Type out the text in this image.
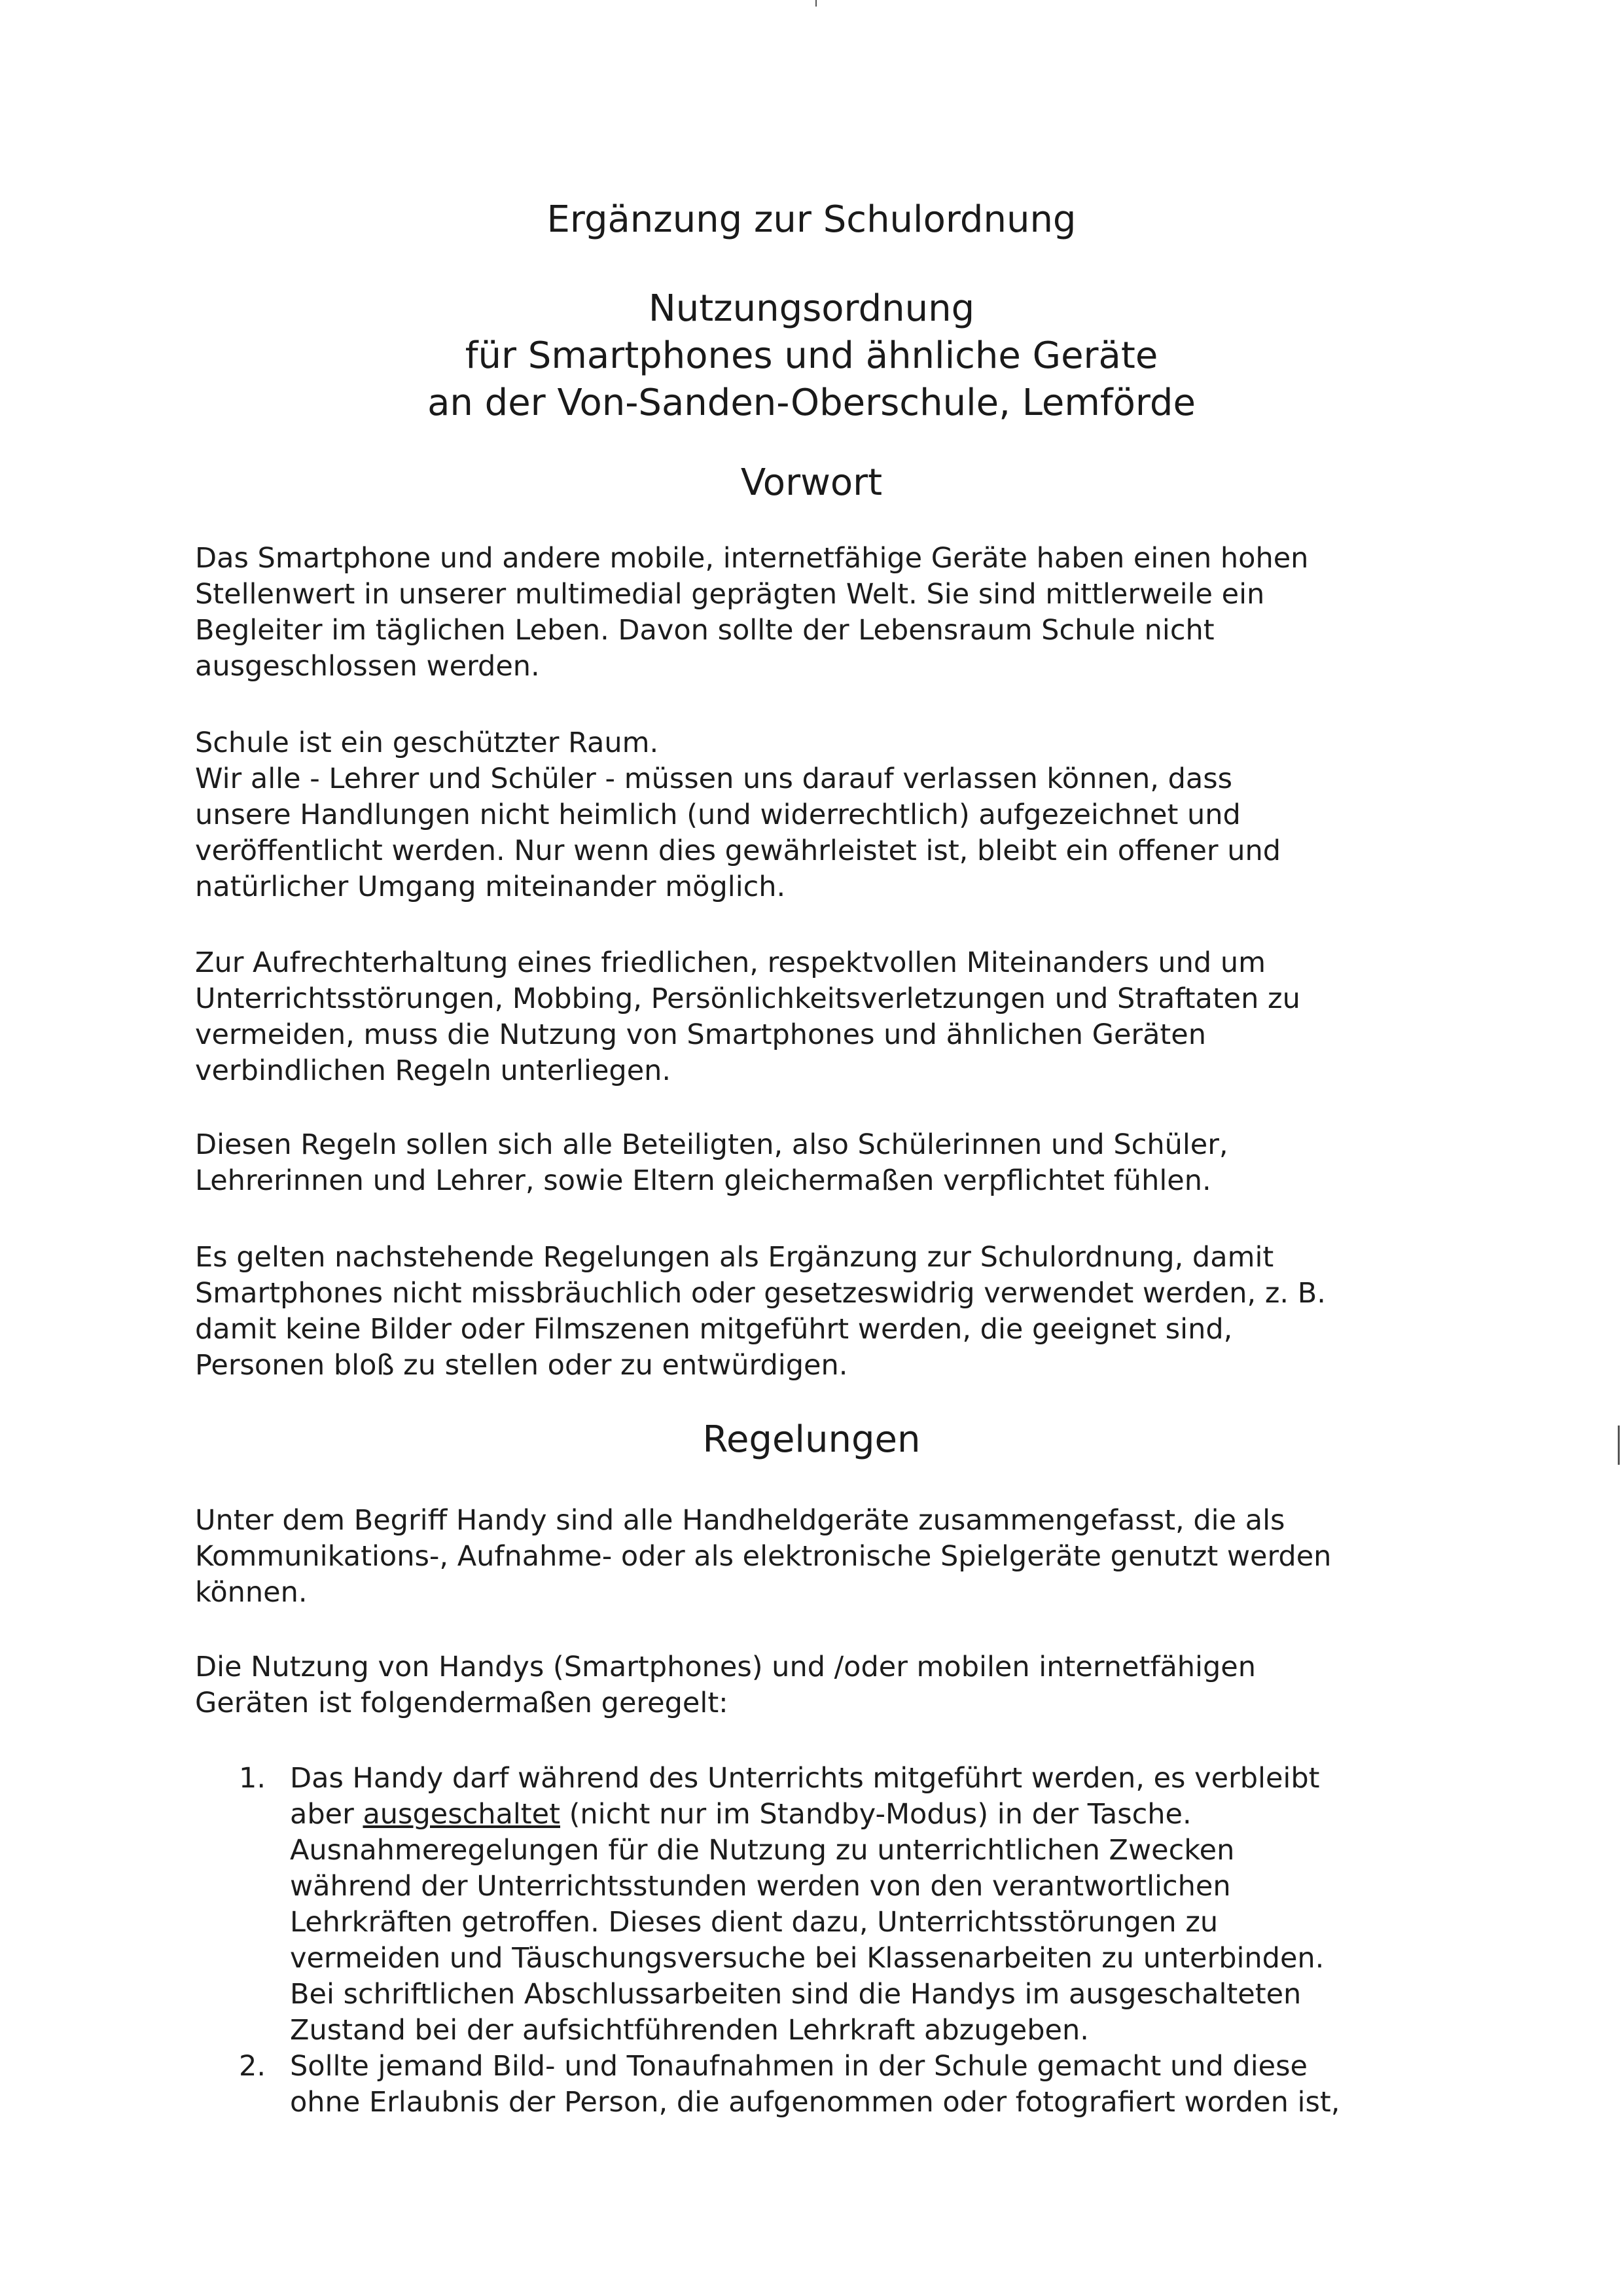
Ergänzung zur Schulordnung
Nutzungsordnung
für Smartphones und ähnliche Geräte
an der Von-Sanden-Oberschule, Lemförde
Vorwort
Das Smartphone und andere mobile, internetfähige Geräte haben einen hohen
Stellenwert in unserer multimedial geprägten Welt. Sie sind mittlerweile ein
Begleiter im täglichen Leben. Davon sollte der Lebensraum Schule nicht
ausgeschlossen werden.
Schule ist ein geschützter Raum.
Wir alle - Lehrer und Schüler - müssen uns darauf verlassen können, dass
unsere Handlungen nicht heimlich (und widerrechtlich) aufgezeichnet und
veröffentlicht werden. Nur wenn dies gewährleistet ist, bleibt ein offener und
natürlicher Umgang miteinander möglich.
Zur Aufrechterhaltung eines friedlichen, respektvollen Miteinanders und um
Unterrichtsstörungen, Mobbing, Persönlichkeitsverletzungen und Straftaten zu
vermeiden, muss die Nutzung von Smartphones und ähnlichen Geräten
verbindlichen Regeln unterliegen.
Diesen Regeln sollen sich alle Beteiligten, also Schülerinnen und Schüler,
Lehrerinnen und Lehrer, sowie Eltern gleichermaßen verpflichtet fühlen.
Es gelten nachstehende Regelungen als Ergänzung zur Schulordnung, damit
Smartphones nicht missbräuchlich oder gesetzeswidrig verwendet werden, z. B.
damit keine Bilder oder Filmszenen mitgeführt werden, die geeignet sind,
Personen bloß zu stellen oder zu entwürdigen.
Regelungen
Unter dem Begriff Handy sind alle Handheldgeräte zusammengefasst, die als
Kommunikations-, Aufnahme- oder als elektronische Spielgeräte genutzt werden
können.
Die Nutzung von Handys (Smartphones) und /oder mobilen internetfähigen
Geräten ist folgendermaßen geregelt:
1. Das Handy darf während des Unterrichts mitgeführt werden, es verbleibt
aber ausgeschaltet (nicht nur im Standby-Modus) in der Tasche.
Ausnahmeregelungen für die Nutzung zu unterrichtlichen Zwecken
während der Unterrichtsstunden werden von den verantwortlichen
Lehrkräften getroffen. Dieses dient dazu, Unterrichtsstörungen zu
vermeiden und Täuschungsversuche bei Klassenarbeiten zu unterbinden.
Bei schriftlichen Abschlussarbeiten sind die Handys im ausgeschalteten
Zustand bei der aufsichtführenden Lehrkraft abzugeben.
2. Sollte jemand Bild- und Tonaufnahmen in der Schule gemacht und diese
ohne Erlaubnis der Person, die aufgenommen oder fotografiert worden ist,
